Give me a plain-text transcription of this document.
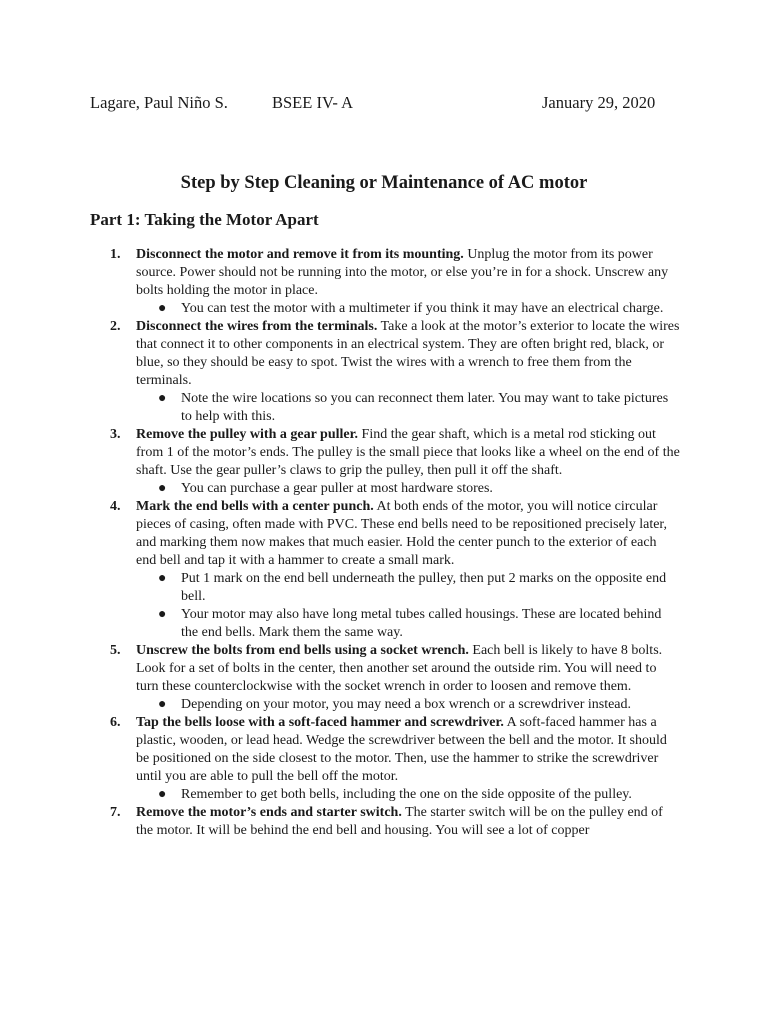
Lagare, Paul Niño S.	BSEE IV- A	January 29, 2020
Step by Step Cleaning or Maintenance of AC motor
Part 1: Taking the Motor Apart
1. Disconnect the motor and remove it from its mounting. Unplug the motor from its power source. Power should not be running into the motor, or else you’re in for a shock. Unscrew any bolts holding the motor in place.
● You can test the motor with a multimeter if you think it may have an electrical charge.
2. Disconnect the wires from the terminals. Take a look at the motor’s exterior to locate the wires that connect it to other components in an electrical system. They are often bright red, black, or blue, so they should be easy to spot. Twist the wires with a wrench to free them from the terminals.
● Note the wire locations so you can reconnect them later. You may want to take pictures to help with this.
3. Remove the pulley with a gear puller. Find the gear shaft, which is a metal rod sticking out from 1 of the motor’s ends. The pulley is the small piece that looks like a wheel on the end of the shaft. Use the gear puller’s claws to grip the pulley, then pull it off the shaft.
● You can purchase a gear puller at most hardware stores.
4. Mark the end bells with a center punch. At both ends of the motor, you will notice circular pieces of casing, often made with PVC. These end bells need to be repositioned precisely later, and marking them now makes that much easier. Hold the center punch to the exterior of each end bell and tap it with a hammer to create a small mark.
● Put 1 mark on the end bell underneath the pulley, then put 2 marks on the opposite end bell.
● Your motor may also have long metal tubes called housings. These are located behind the end bells. Mark them the same way.
5. Unscrew the bolts from end bells using a socket wrench. Each bell is likely to have 8 bolts. Look for a set of bolts in the center, then another set around the outside rim. You will need to turn these counterclockwise with the socket wrench in order to loosen and remove them.
● Depending on your motor, you may need a box wrench or a screwdriver instead.
6. Tap the bells loose with a soft-faced hammer and screwdriver. A soft-faced hammer has a plastic, wooden, or lead head. Wedge the screwdriver between the bell and the motor. It should be positioned on the side closest to the motor. Then, use the hammer to strike the screwdriver until you are able to pull the bell off the motor.
● Remember to get both bells, including the one on the side opposite of the pulley.
7. Remove the motor’s ends and starter switch. The starter switch will be on the pulley end of the motor. It will be behind the end bell and housing. You will see a lot of copper
